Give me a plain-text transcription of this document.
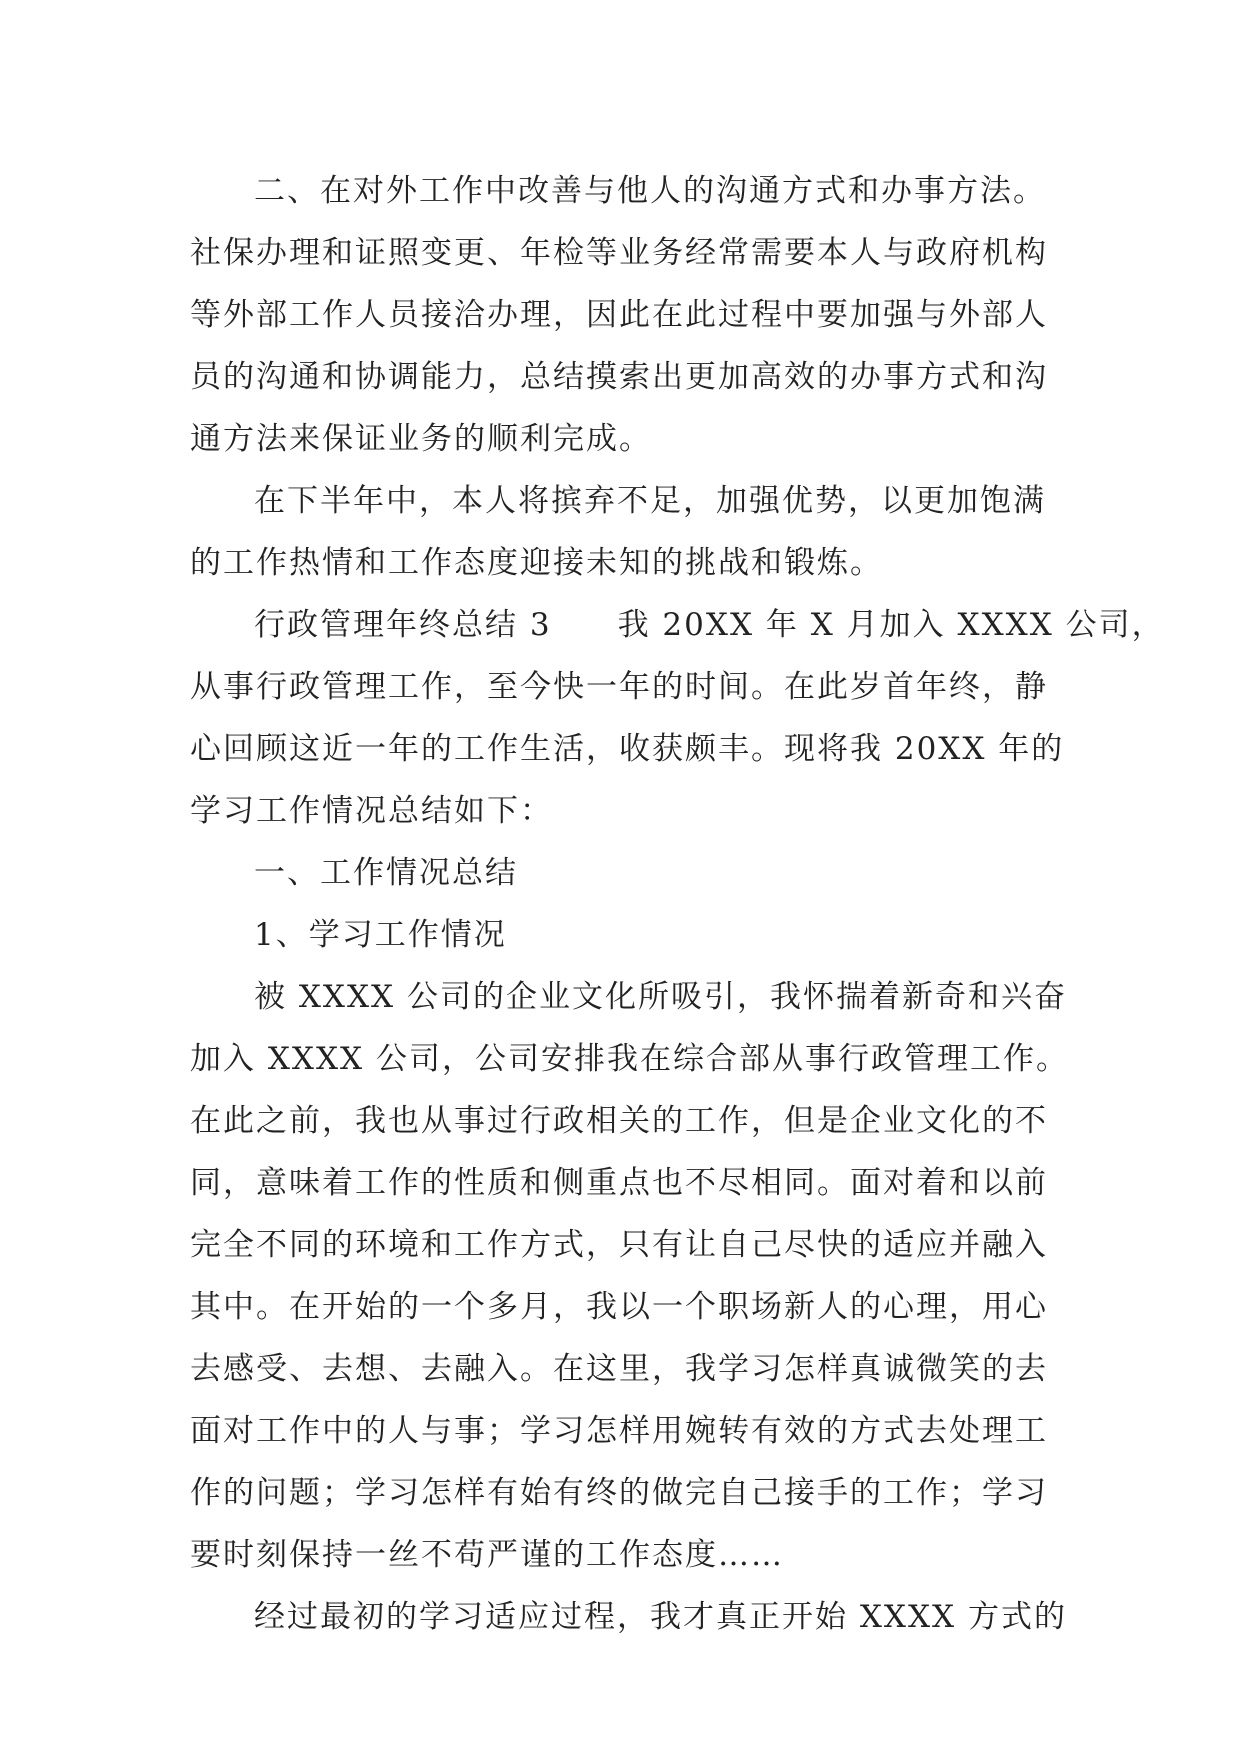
二、在对外工作中改善与他人的沟通方式和办事方法。
社保办理和证照变更、年检等业务经常需要本人与政府机构
等外部工作人员接洽办理，因此在此过程中要加强与外部人
员的沟通和协调能力，总结摸索出更加高效的办事方式和沟
通方法来保证业务的顺利完成。
在下半年中，本人将摈弃不足，加强优势，以更加饱满
的工作热情和工作态度迎接未知的挑战和锻炼。
行政管理年终总结 3　　我 20XX 年 X 月加入 XXXX 公司，
从事行政管理工作，至今快一年的时间。在此岁首年终，静
心回顾这近一年的工作生活，收获颇丰。现将我 20XX 年的
学习工作情况总结如下：
一、工作情况总结
1、学习工作情况
被 XXXX 公司的企业文化所吸引，我怀揣着新奇和兴奋
加入 XXXX 公司，公司安排我在综合部从事行政管理工作。
在此之前，我也从事过行政相关的工作，但是企业文化的不
同，意味着工作的性质和侧重点也不尽相同。面对着和以前
完全不同的环境和工作方式，只有让自己尽快的适应并融入
其中。在开始的一个多月，我以一个职场新人的心理，用心
去感受、去想、去融入。在这里，我学习怎样真诚微笑的去
面对工作中的人与事；学习怎样用婉转有效的方式去处理工
作的问题；学习怎样有始有终的做完自己接手的工作；学习
要时刻保持一丝不苟严谨的工作态度……
经过最初的学习适应过程，我才真正开始 XXXX 方式的
